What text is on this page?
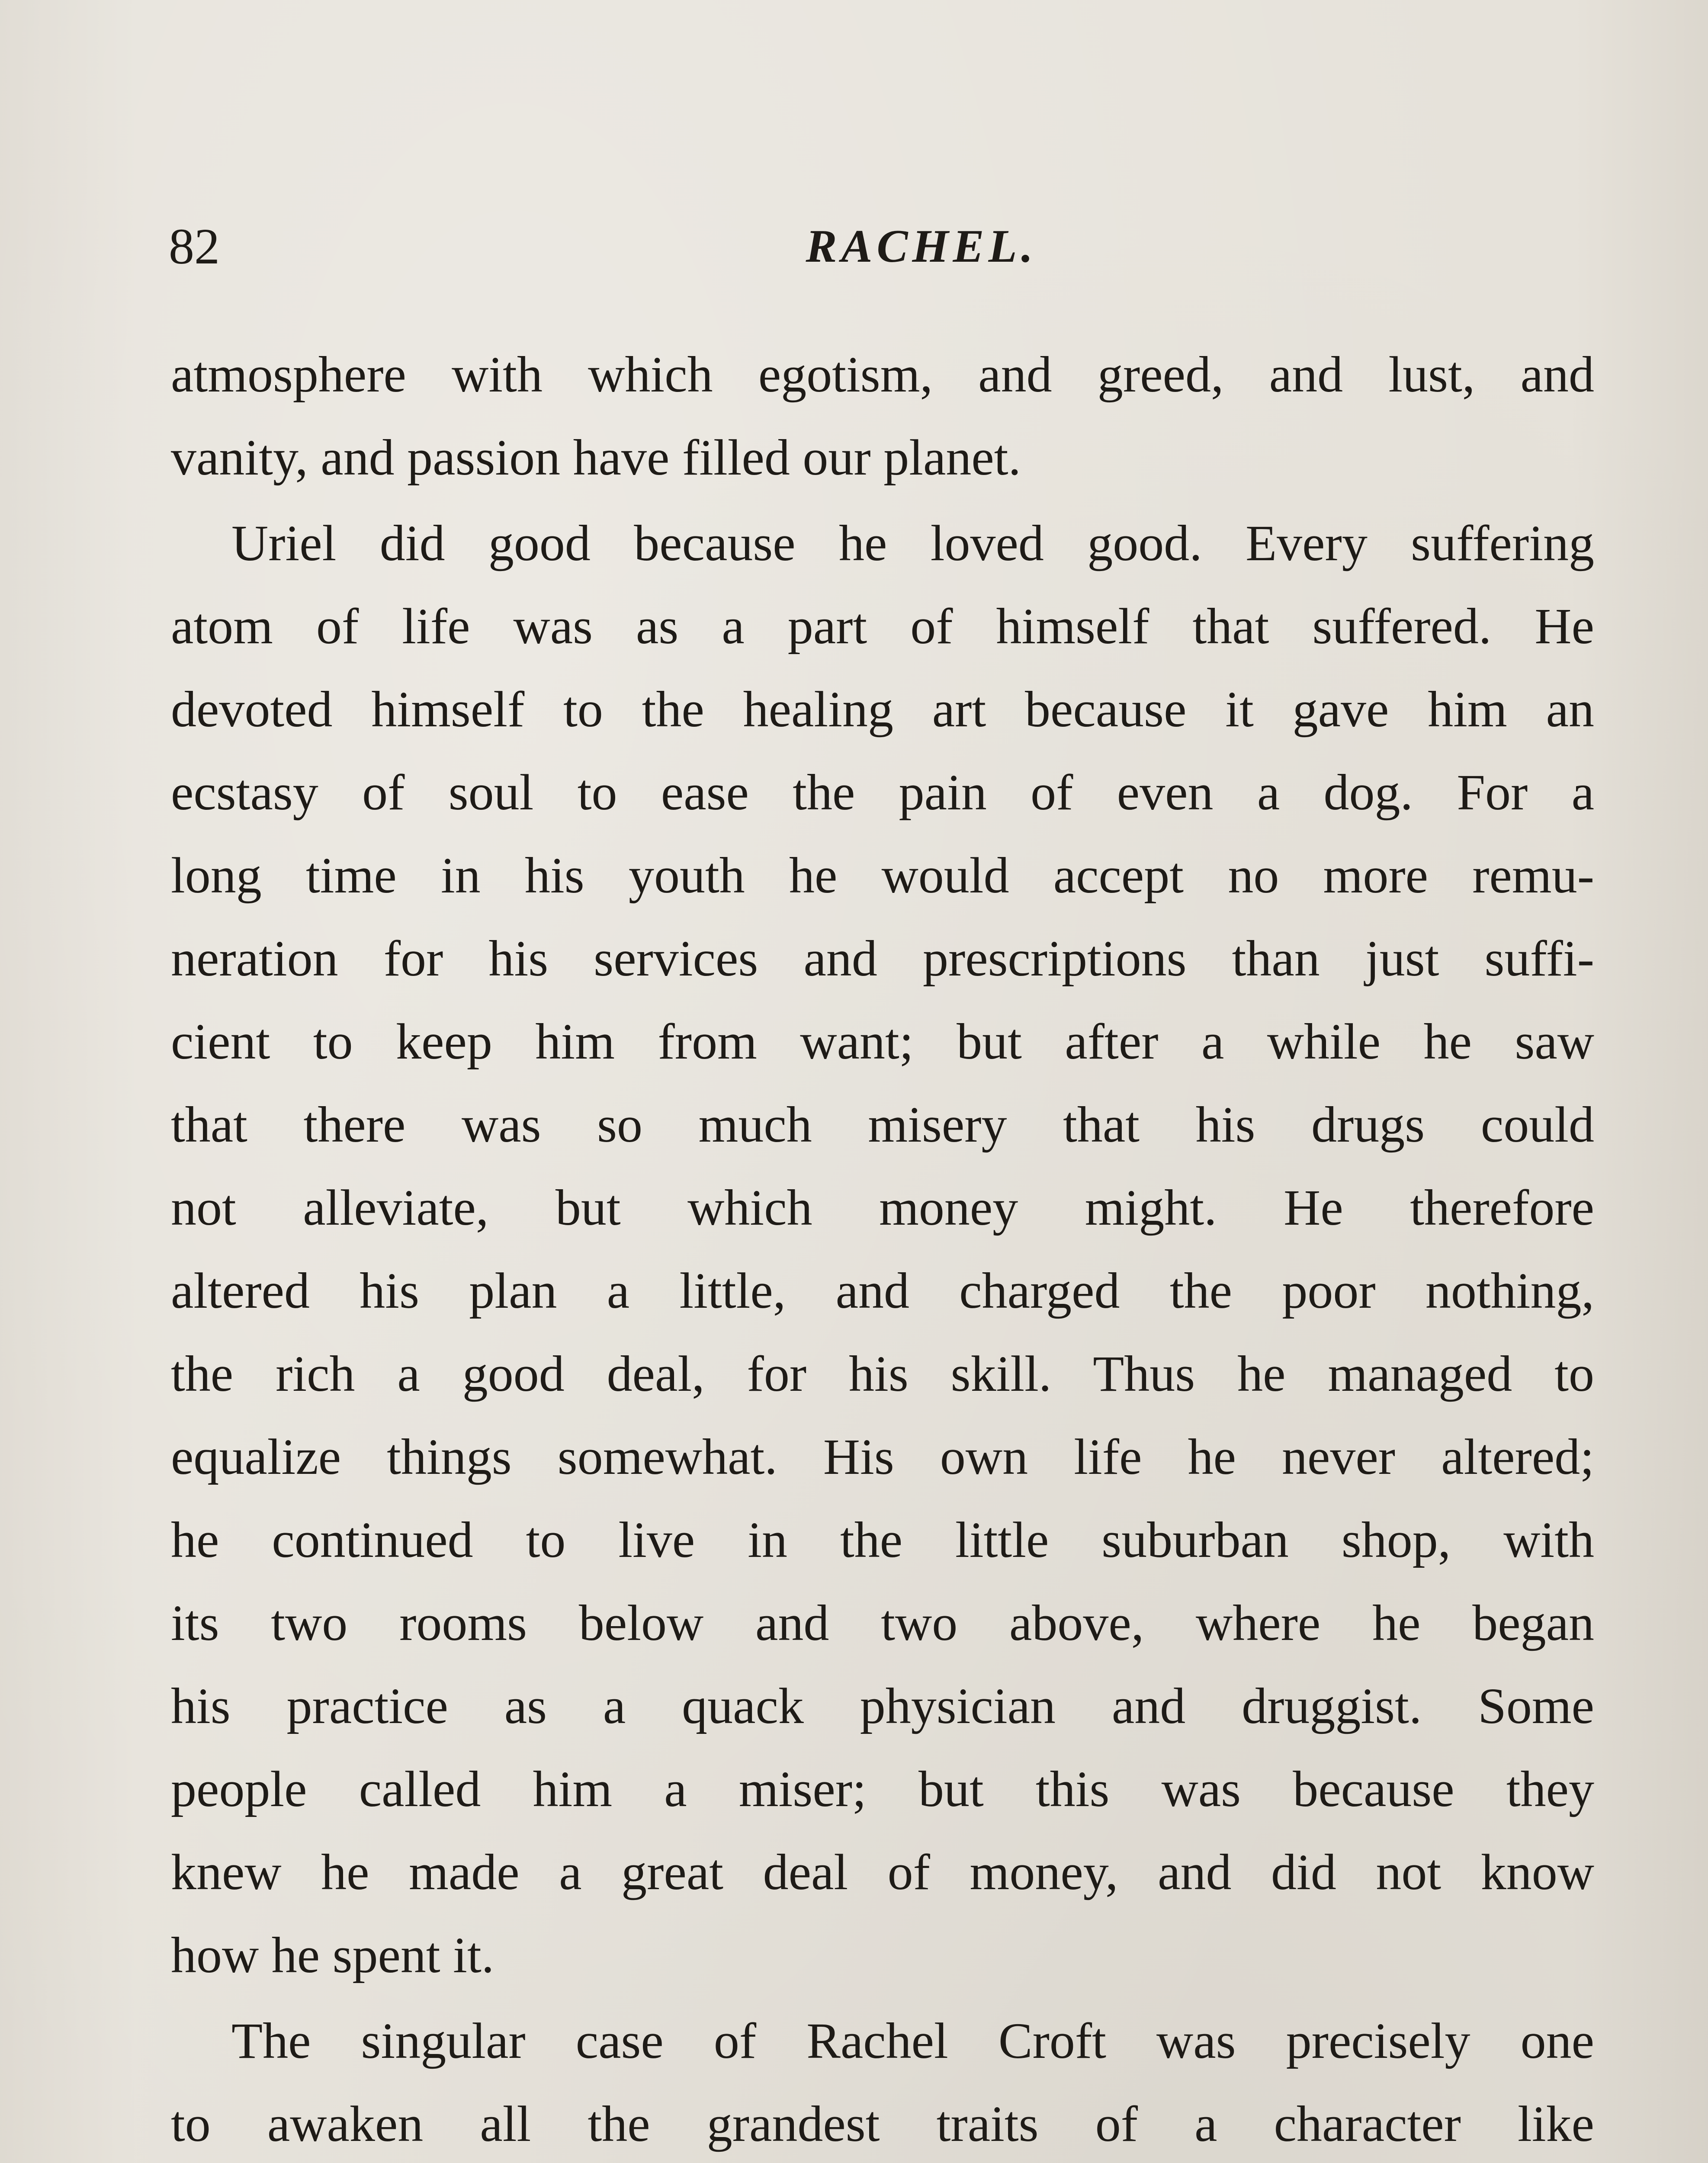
82	RACHEL.
atmosphere with which egotism, and greed, and lust, and
vanity, and passion have filled our planet.
Uriel did good because he loved good. Every suffering
atom of life was as a part of himself that suffered. He
devoted himself to the healing art because it gave him an
ecstasy of soul to ease the pain of even a dog. For a
long time in his youth he would accept no more remu-
neration for his services and prescriptions than just suffi-
cient to keep him from want; but after a while he saw
that there was so much misery that his drugs could
not alleviate, but which money might. He therefore
altered his plan a little, and charged the poor nothing,
the rich a good deal, for his skill. Thus he managed to
equalize things somewhat. His own life he never altered;
he continued to live in the little suburban shop, with
its two rooms below and two above, where he began
his practice as a quack physician and druggist. Some
people called him a miser; but this was because they
knew he made a great deal of money, and did not know
how he spent it.
The singular case of Rachel Croft was precisely one
to awaken all the grandest traits of a character like
